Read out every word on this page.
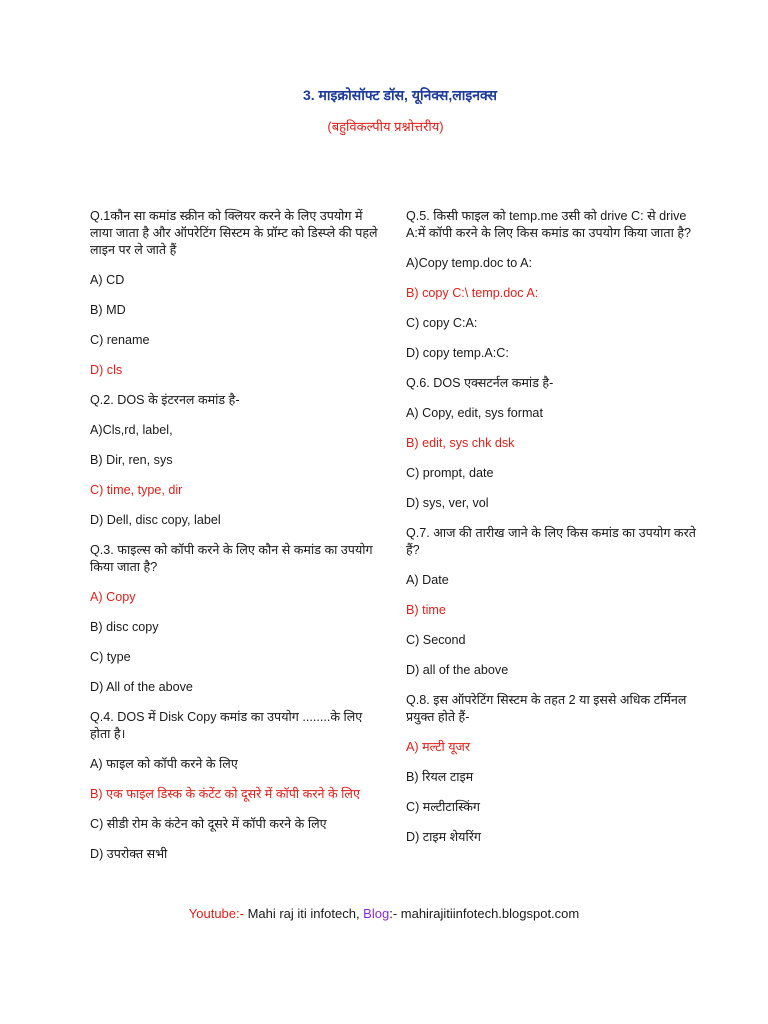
3. माइक्रोसॉफ्ट डॉस, यूनिक्स,लाइनक्स
(बहुविकल्पीय प्रश्नोत्तरीय)
Q.1कौन सा कमांड स्क्रीन को क्लियर करने के लिए उपयोग में लाया जाता है और ऑपरेटिंग सिस्टम के प्रॉम्ट को डिस्प्ले की पहले लाइन पर ले जाते हैं
A) CD
B) MD
C) rename
D) cls
Q.2. DOS के इंटरनल कमांड है-
A)Cls,rd, label,
B) Dir, ren, sys
C) time, type, dir
D) Dell, disc copy, label
Q.3. फाइल्स को कॉपी करने के लिए कौन से कमांड का उपयोग किया जाता है?
A) Copy
B) disc copy
C) type
D) All of the above
Q.4. DOS में Disk Copy कमांड का उपयोग ........के लिए होता है।
A) फाइल को कॉपी करने के लिए
B) एक फाइल डिस्क के कंटेंट को दूसरे में कॉपी करने के लिए
C) सीडी रोम के कंटेन को दूसरे में कॉपी करने के लिए
D) उपरोक्त सभी
Q.5. किसी फाइल को temp.me उसी को drive C: से drive A:में कॉपी करने के लिए किस कमांड का उपयोग किया जाता है?
A)Copy temp.doc to A:
B) copy C:\ temp.doc A:
C) copy C:A:
D) copy temp.A:C:
Q.6. DOS एक्सटर्नल कमांड है-
A) Copy, edit, sys format
B) edit, sys chk dsk
C) prompt, date
D) sys, ver, vol
Q.7. आज की तारीख जाने के लिए किस कमांड का उपयोग करते हैं?
A) Date
B) time
C) Second
D) all of the above
Q.8. इस ऑपरेटिंग सिस्टम के तहत 2 या इससे अधिक टर्मिनल प्रयुक्त होते हैं-
A) मल्टी यूजर
B) रियल टाइम
C) मल्टीटास्किंग
D) टाइम शेयरिंग
Youtube:- Mahi raj iti infotech, Blog:- mahirajitiinfotech.blogspot.com
